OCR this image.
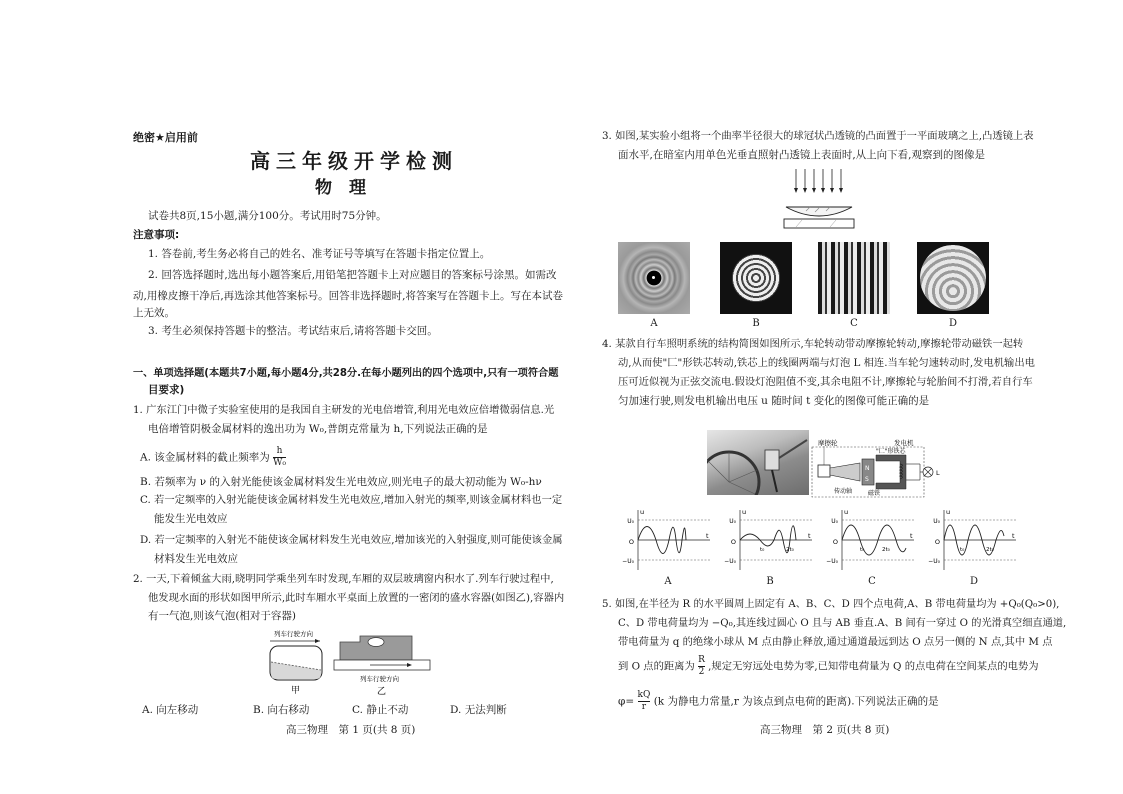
绝密★启用前
高三年级开学检测
物　理
试卷共8页,15小题,满分100分。考试用时75分钟。
注意事项:
1. 答卷前,考生务必将自己的姓名、准考证号等填写在答题卡指定位置上。
2. 回答选择题时,选出每小题答案后,用铅笔把答题卡上对应题目的答案标号涂黑。如需改
动,用橡皮擦干净后,再选涂其他答案标号。回答非选择题时,将答案写在答题卡上。写在本试卷
上无效。
3. 考生必须保持答题卡的整洁。考试结束后,请将答题卡交回。
一、单项选择题(本题共7小题,每小题4分,共28分.在每小题列出的四个选项中,只有一项符合题
目要求)
1. 广东江门中微子实验室使用的是我国自主研发的光电倍增管,利用光电效应倍增微弱信息.光
电倍增管阴极金属材料的逸出功为 W₀,普朗克常量为 h,下列说法正确的是
A. 该金属材料的截止频率为 $\frac{h}{\text{W₀}}$
B. 若频率为 ν 的入射光能使该金属材料发生光电效应,则光电子的最大初动能为 W₀-hν
C. 若一定频率的入射光能使该金属材料发生光电效应,增加入射光的频率,则该金属材料也一定
能发生光电效应
D. 若一定频率的入射光不能使该金属材料发生光电效应,增加该光的入射强度,则可能使该金属
材料发生光电效应
2. 一天,下着倾盆大雨,晓明同学乘坐列车时发现,车厢的双层玻璃窗内积水了.列车行驶过程中,
他发现水面的形状如图甲所示,此时车厢水平桌面上放置的一密闭的盛水容器(如图乙),容器内
有一气泡,则该气泡(相对于容器)
列车行驶方向
甲
列车行驶方向
乙
A. 向左移动	B. 向右移动	C. 静止不动	D. 无法判断
高三物理　第 1 页(共 8 页)
3. 如图,某实验小组将一个曲率半径很大的球冠状凸透镜的凸面置于一平面玻璃之上,凸透镜上表
面水平,在暗室内用单色光垂直照射凸透镜上表面时,从上向下看,观察到的图像是
A	B	C	D
4. 某款自行车照明系统的结构简图如图所示,车轮转动带动摩擦轮转动,摩擦轮带动磁铁一起转
动,从而使"匚"形铁芯转动,铁芯上的线圈两端与灯泡 L 相连.当车轮匀速转动时,发电机输出电
压可近似视为正弦交流电.假设灯泡阻值不变,其余电阻不计,摩擦轮与轮胎间不打滑,若自行车
匀加速行驶,则发电机输出电压 u 随时间 t 变化的图像可能正确的是
摩擦轮	发电机
N
S
L
"匚"形铁芯
传动轴	磁铁
O
U₀
−U₀
u
t
O
U₀
−U₀
u
t
t₀	2t₀
O
U₀
−U₀
u
t
t₀	2t₀
O
U₀
−U₀
u
t
t₀	2t₀
A	B	C	D
5. 如图,在半径为 R 的水平圆周上固定有 A、B、C、D 四个点电荷,A、B 带电荷量均为 +Q₀(Q₀>0),
C、D 带电荷量均为 −Q₀,其连线过圆心 O 且与 AB 垂直.A、B 间有一穿过 O 的光滑真空细直通道,
带电荷量为 q 的绝缘小球从 M 点由静止释放,通过通道最远到达 O 点另一侧的 N 点,其中 M 点
到 O 点的距离为 $\frac{R}{2}$ ,规定无穷远处电势为零,已知带电荷量为 Q 的点电荷在空间某点的电势为
$\varphi= \frac{kQ}{r} (k$ 为静电力常量,r 为该点到点电荷的距离).下列说法正确的是
高三物理　第 2 页(共 8 页)
